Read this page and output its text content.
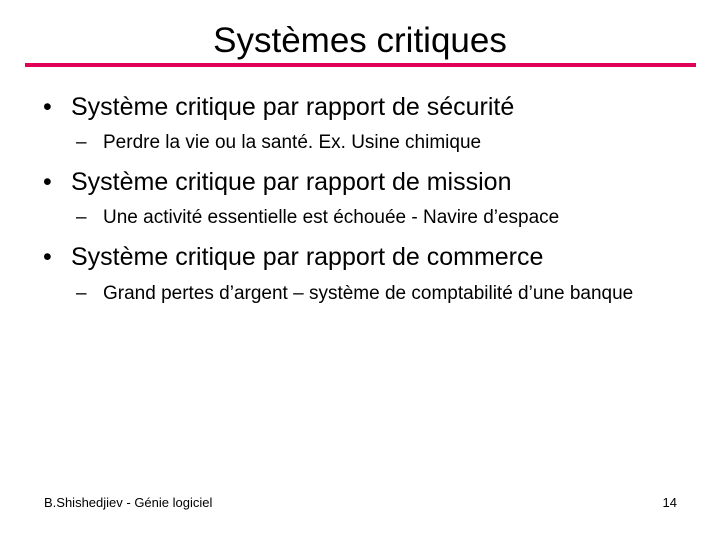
Systèmes critiques
• Système critique par rapport de sécurité
– Perdre la vie ou la santé. Ex. Usine chimique
• Système critique par rapport de mission
– Une activité essentielle est échouée - Navire d’espace
• Système critique par rapport de commerce
– Grand pertes d’argent – système de comptabilité d’une banque
B.Shishedjiev - Génie logiciel	14
